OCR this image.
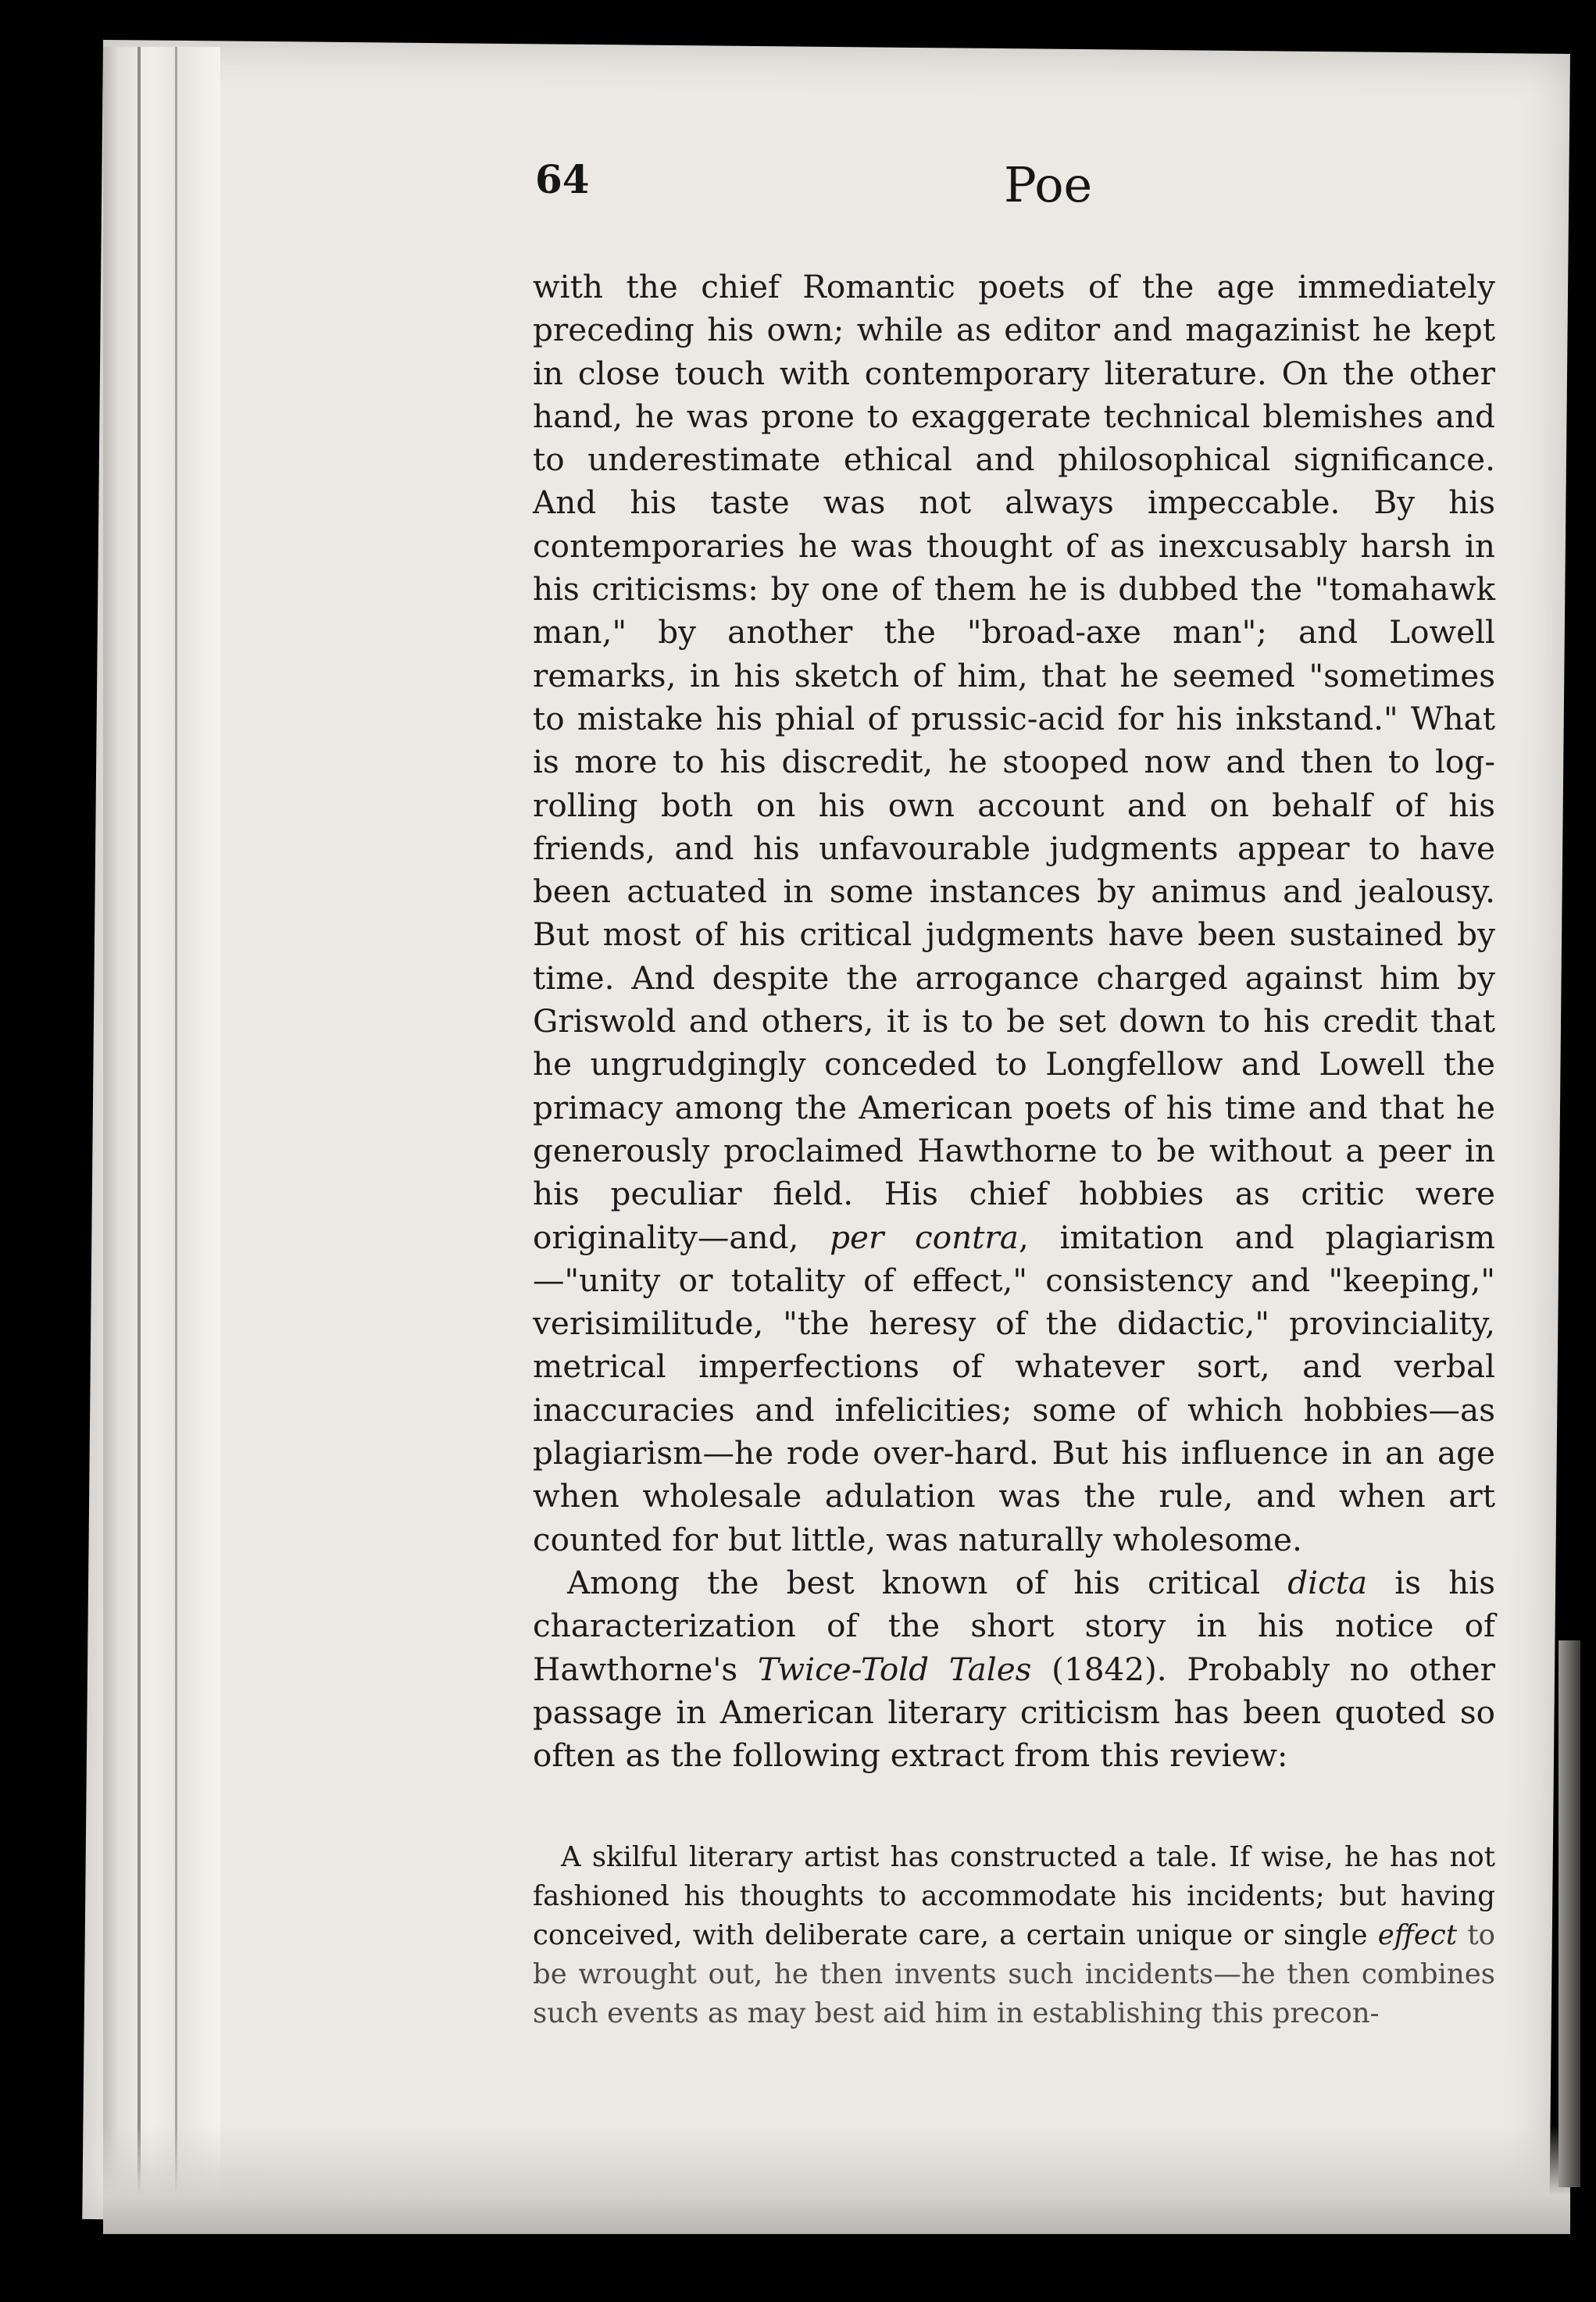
64	Poe

with the chief Romantic poets of the age immediately preceding his own; while as editor and magazinist he kept in close touch with contemporary literature. On the other hand, he was prone to exaggerate technical blemishes and to underestimate ethical and philosophical significance. And his taste was not always impeccable. By his contemporaries he was thought of as inexcusably harsh in his criticisms: by one of them he is dubbed the "tomahawk man," by another the "broad-axe man"; and Lowell remarks, in his sketch of him, that he seemed "sometimes to mistake his phial of prussic-acid for his inkstand." What is more to his discredit, he stooped now and then to log-rolling both on his own account and on behalf of his friends, and his unfavourable judgments appear to have been actuated in some instances by animus and jealousy. But most of his critical judgments have been sustained by time. And despite the arrogance charged against him by Griswold and others, it is to be set down to his credit that he ungrudgingly conceded to Longfellow and Lowell the primacy among the American poets of his time and that he generously proclaimed Hawthorne to be without a peer in his peculiar field. His chief hobbies as critic were originality—and, per contra, imitation and plagiarism—"unity or totality of effect," consistency and "keeping," verisimilitude, "the heresy of the didactic," provinciality, metrical imperfections of whatever sort, and verbal inaccuracies and infelicities; some of which hobbies—as plagiarism—he rode over-hard. But his influence in an age when wholesale adulation was the rule, and when art counted for but little, was naturally wholesome.

Among the best known of his critical dicta is his characterization of the short story in his notice of Hawthorne's Twice-Told Tales (1842). Probably no other passage in American literary criticism has been quoted so often as the following extract from this review:

A skilful literary artist has constructed a tale. If wise, he has not fashioned his thoughts to accommodate his incidents; but having conceived, with deliberate care, a certain unique or single effect to be wrought out, he then invents such incidents—he then combines such events as may best aid him in establishing this precon-
